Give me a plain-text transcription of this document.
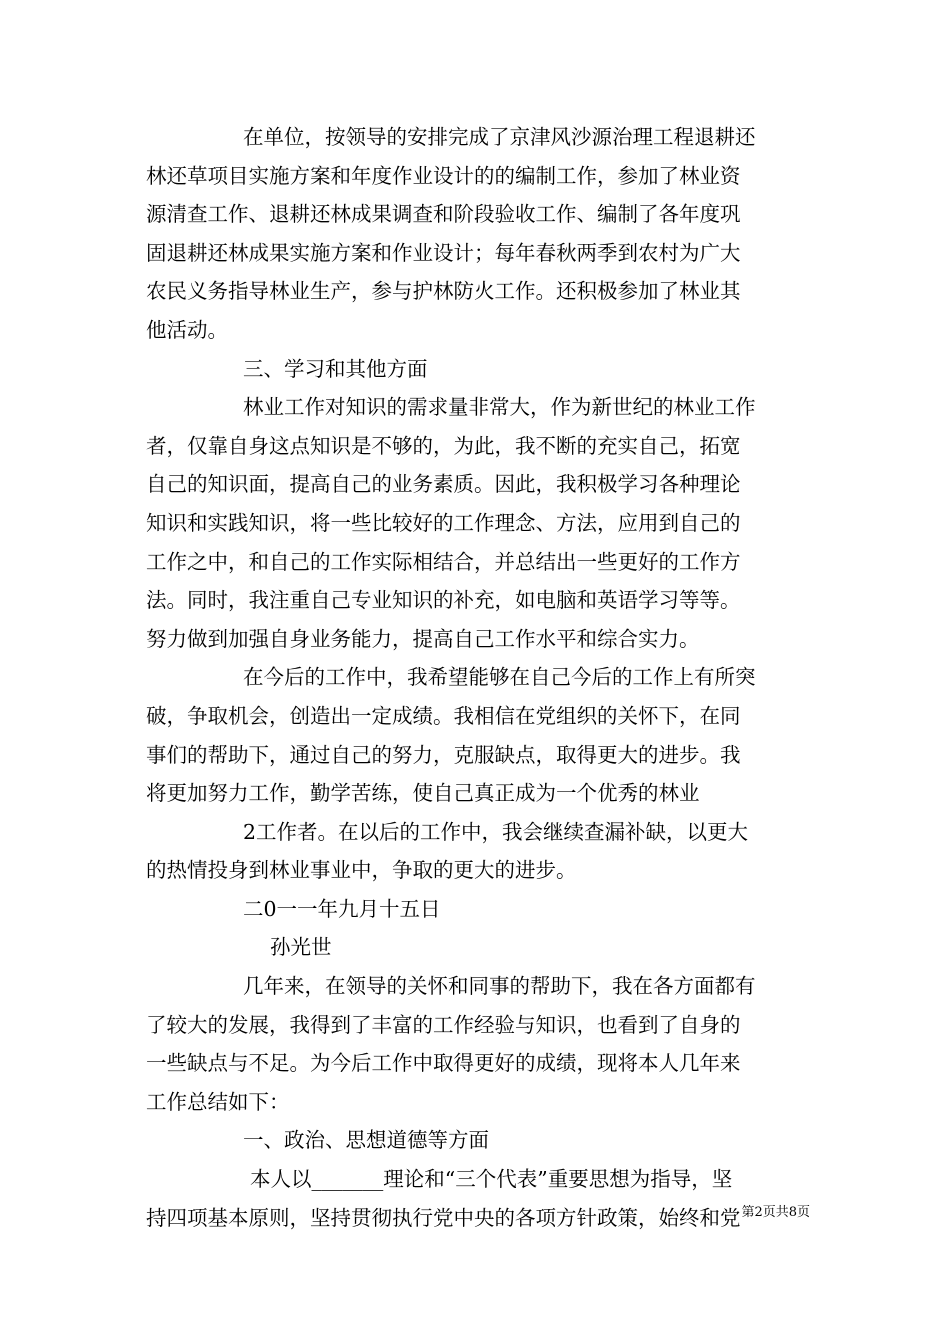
在单位，按领导的安排完成了京津风沙源治理工程退耕还
林还草项目实施方案和年度作业设计的的编制工作，参加了林业资
源清查工作、退耕还林成果调查和阶段验收工作、编制了各年度巩
固退耕还林成果实施方案和作业设计；每年春秋两季到农村为广大
农民义务指导林业生产，参与护林防火工作。还积极参加了林业其
他活动。
三、学习和其他方面
林业工作对知识的需求量非常大，作为新世纪的林业工作
者，仅靠自身这点知识是不够的，为此，我不断的充实自己，拓宽
自己的知识面，提高自己的业务素质。因此，我积极学习各种理论
知识和实践知识，将一些比较好的工作理念、方法，应用到自己的
工作之中，和自己的工作实际相结合，并总结出一些更好的工作方
法。同时，我注重自己专业知识的补充，如电脑和英语学习等等。
努力做到加强自身业务能力，提高自己工作水平和综合实力。
在今后的工作中，我希望能够在自己今后的工作上有所突
破，争取机会，创造出一定成绩。我相信在党组织的关怀下，在同
事们的帮助下，通过自己的努力，克服缺点，取得更大的进步。我
将更加努力工作，勤学苦练，使自己真正成为一个优秀的林业
2工作者。在以后的工作中，我会继续查漏补缺，以更大
的热情投身到林业事业中，争取的更大的进步。
二0一一年九月十五日
孙光世
几年来，在领导的关怀和同事的帮助下，我在各方面都有
了较大的发展，我得到了丰富的工作经验与知识，也看到了自身的
一些缺点与不足。为今后工作中取得更好的成绩，现将本人几年来
工作总结如下：
一、政治、思想道德等方面
本人以_______理论和“三个代表”重要思想为指导，坚
持四项基本原则，坚持贯彻执行党中央的各项方针政策，始终和党 第2页共8页
